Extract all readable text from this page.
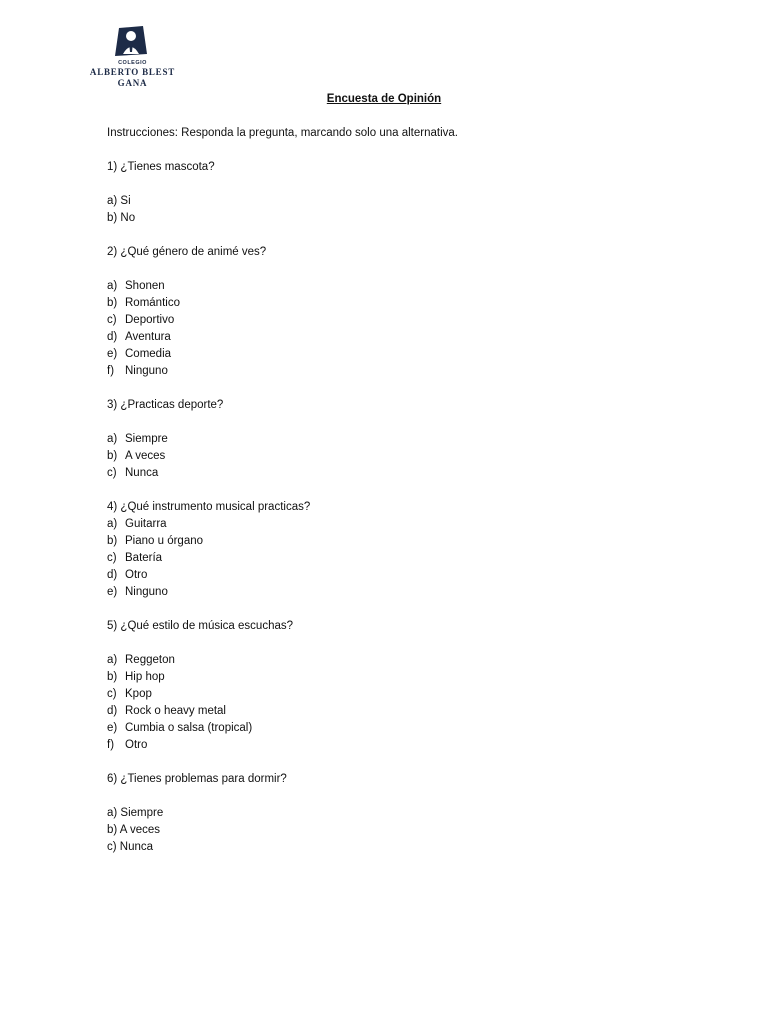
COLEGIO
ALBERTO BLEST GANA
Encuesta de Opinión
Instrucciones: Responda la pregunta, marcando solo una alternativa.
1) ¿Tienes mascota?
a) Si
b) No
2) ¿Qué género de animé ves?
a) Shonen
b) Romántico
c) Deportivo
d) Aventura
e) Comedia
f) Ninguno
3) ¿Practicas deporte?
a) Siempre
b) A veces
c) Nunca
4) ¿Qué instrumento musical practicas?
a) Guitarra
b) Piano u órgano
c) Batería
d) Otro
e) Ninguno
5) ¿Qué estilo de música escuchas?
a) Reggeton
b) Hip hop
c) Kpop
d) Rock o heavy metal
e) Cumbia o salsa (tropical)
f) Otro
6) ¿Tienes problemas para dormir?
a) Siempre
b) A veces
c) Nunca
